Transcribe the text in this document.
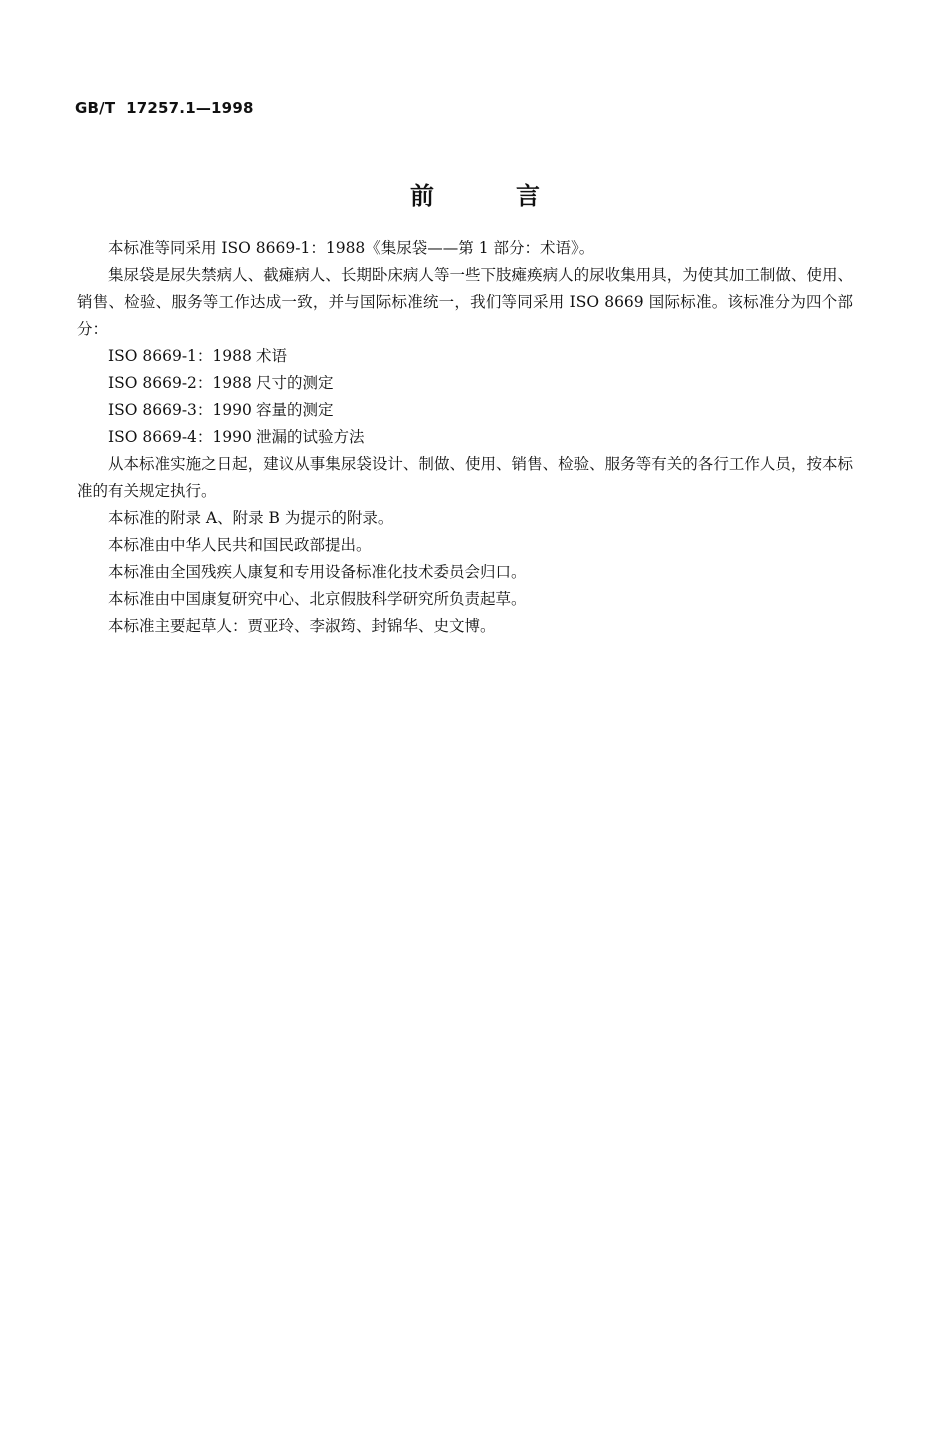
GB/T 17257.1—1998
前	言

本标准等同采用 ISO 8669-1：1988《集尿袋——第 1 部分：术语》。

集尿袋是尿失禁病人、截瘫病人、长期卧床病人等一些下肢瘫痪病人的尿收集用具，为使其加工制做、使用、销售、检验、服务等工作达成一致，并与国际标准统一，我们等同采用 ISO 8669 国际标准。该标准分为四个部分：

ISO 8669-1：1988 术语
ISO 8669-2：1988 尺寸的测定
ISO 8669-3：1990 容量的测定
ISO 8669-4：1990 泄漏的试验方法

从本标准实施之日起，建议从事集尿袋设计、制做、使用、销售、检验、服务等有关的各行工作人员，按本标准的有关规定执行。

本标准的附录 A、附录 B 为提示的附录。

本标准由中华人民共和国民政部提出。

本标准由全国残疾人康复和专用设备标准化技术委员会归口。

本标准由中国康复研究中心、北京假肢科学研究所负责起草。

本标准主要起草人：贾亚玲、李淑筠、封锦华、史文博。
